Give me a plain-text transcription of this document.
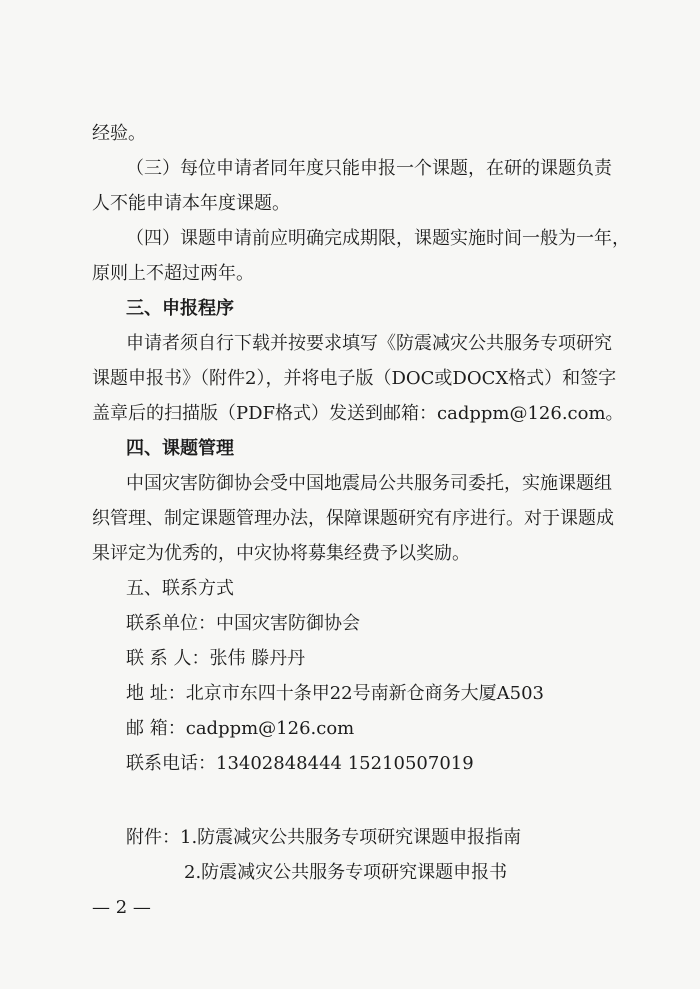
经验。
（三）每位申请者同年度只能申报一个课题，在研的课题负责
人不能申请本年度课题。
（四）课题申请前应明确完成期限，课题实施时间一般为一年，
原则上不超过两年。
三、申报程序
申请者须自行下载并按要求填写《防震减灾公共服务专项研究
课题申报书》（附件2），并将电子版（DOC或DOCX格式）和签字
盖章后的扫描版（PDF格式）发送到邮箱：cadppm@126.com。
四、课题管理
中国灾害防御协会受中国地震局公共服务司委托，实施课题组
织管理、制定课题管理办法，保障课题研究有序进行。对于课题成
果评定为优秀的，中灾协将募集经费予以奖励。
五、联系方式
联系单位：中国灾害防御协会
联 系 人：张伟 滕丹丹
地 址：北京市东四十条甲22号南新仓商务大厦A503
邮 箱：cadppm@126.com
联系电话：13402848444 15210507019
附件：1.防震减灾公共服务专项研究课题申报指南
2.防震减灾公共服务专项研究课题申报书
— 2 —
